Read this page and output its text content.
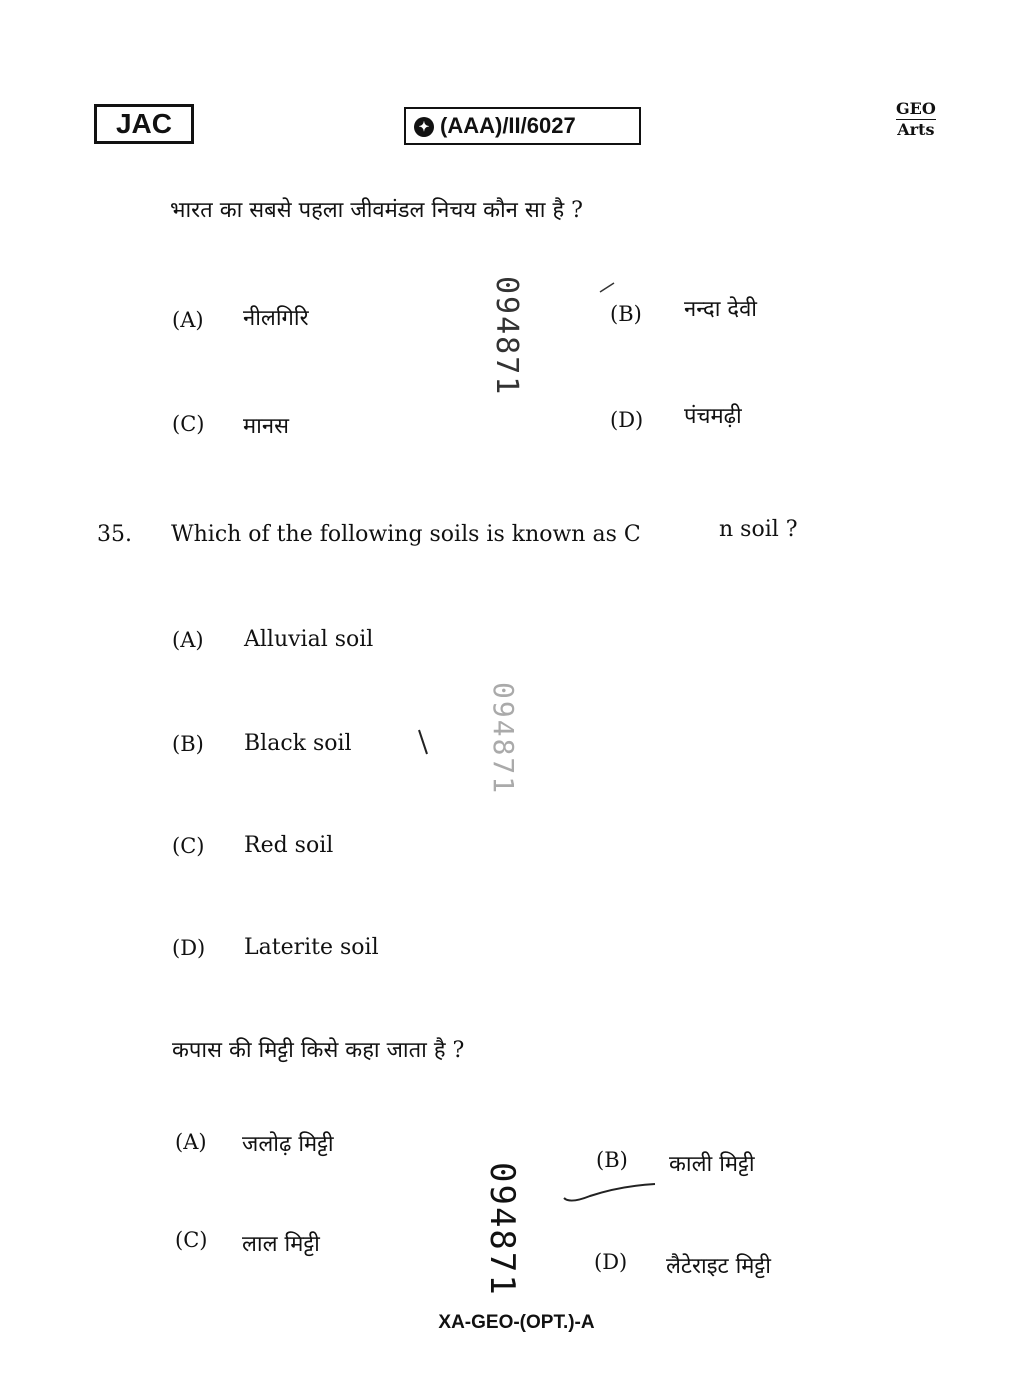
JAC	✦ (AAA)/II/6027
GEO
Arts
भारत का सबसे पहला जीवमंडल निचय कौन सा है ?
(A) नीलगिरि	(B) नन्दा देवी
(C) मानस	(D) पंचमढ़ी
094871
35. Which of the following soils is known as C	n soil ?
(A) Alluvial soil
(B) Black soil
(C) Red soil
(D) Laterite soil
094871
कपास की मिट्टी किसे कहा जाता है ?
(A) जलोढ़ मिट्टी
(B) काली मिट्टी
(C) लाल मिट्टी
(D) लैटेराइट मिट्टी
094871
XA-GEO-(OPT.)-A
